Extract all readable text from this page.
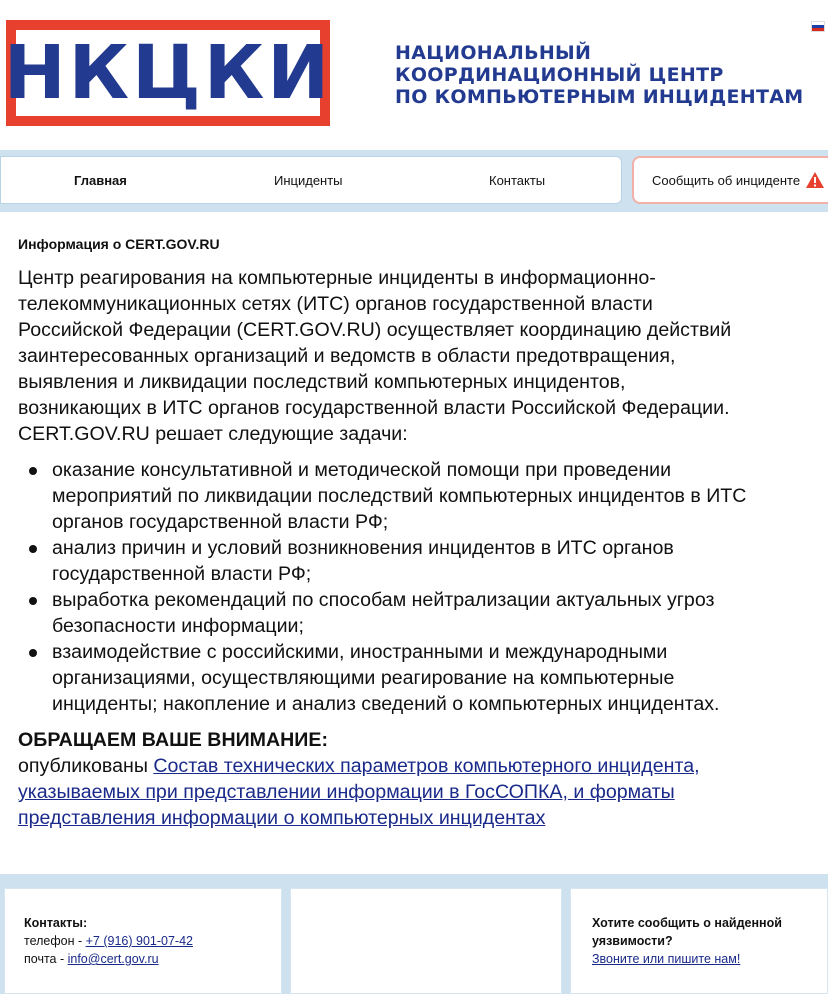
НКЦКИ	НАЦИОНАЛЬНЫЙ
КООРДИНАЦИОННЫЙ ЦЕНТР
ПО КОМПЬЮТЕРНЫМ ИНЦИДЕНТАМ
Главная	Инциденты	Контакты	Сообщить об инциденте
Информация о CERT.GOV.RU

Центр реагирования на компьютерные инциденты в информационно-
телекоммуникационных сетях (ИТС) органов государственной власти
Российской Федерации (CERT.GOV.RU) осуществляет координацию действий
заинтересованных организаций и ведомств в области предотвращения,
выявления и ликвидации последствий компьютерных инцидентов,
возникающих в ИТС органов государственной власти Российской Федерации.
CERT.GOV.RU решает следующие задачи:

оказание консультативной и методической помощи при проведении
мероприятий по ликвидации последствий компьютерных инцидентов в ИТС
органов государственной власти РФ;
анализ причин и условий возникновения инцидентов в ИТС органов
государственной власти РФ;
выработка рекомендаций по способам нейтрализации актуальных угроз
безопасности информации;
взаимодействие с российскими, иностранными и международными
организациями, осуществляющими реагирование на компьютерные
инциденты; накопление и анализ сведений о компьютерных инцидентах.
ОБРАЩАЕМ ВАШЕ ВНИМАНИЕ:
опубликованы Состав технических параметров компьютерного инцидента,
указываемых при представлении информации в ГосСОПКА, и форматы
представления информации о компьютерных инцидентах
Контакты:
телефон - +7 (916) 901-07-42
почта - info@cert.gov.ru
Хотите сообщить о найденной
уязвимости?
Звоните или пишите нам!
